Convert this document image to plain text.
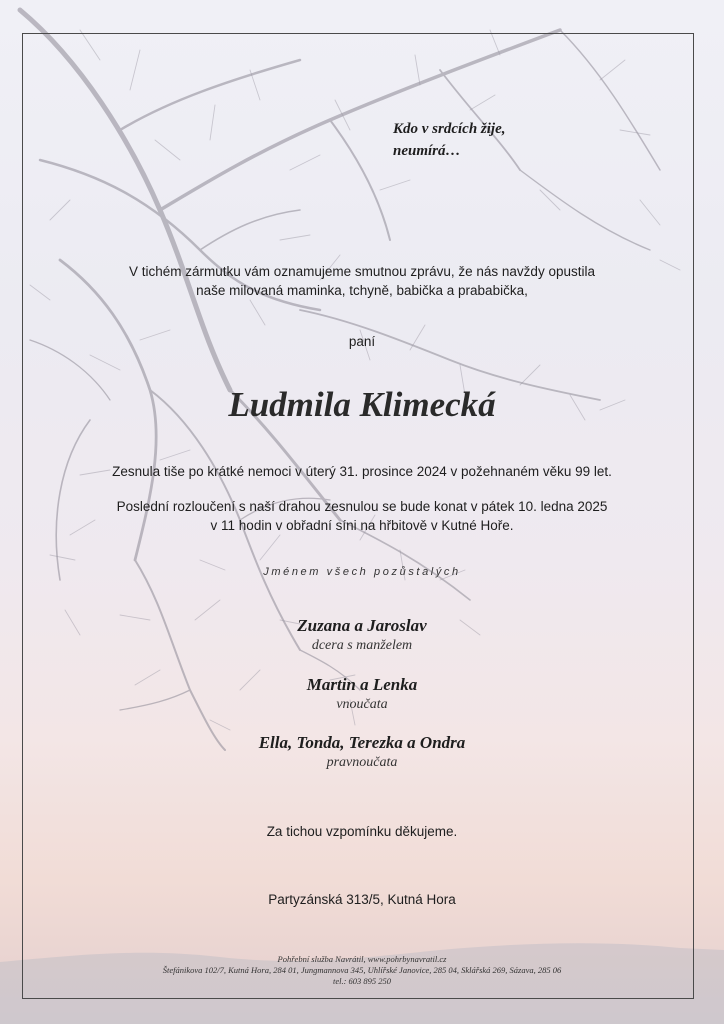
Kdo v srdcích žije,
neumírá…
V tichém zármutku vám oznamujeme smutnou zprávu, že nás navždy opustila
naše milovaná maminka, tchyně, babička a prababička,
paní
Ludmila Klimecká
Zesnula tiše po krátké nemoci v úterý 31. prosince 2024 v požehnaném věku 99 let.
Poslední rozloučení s naší drahou zesnulou se bude konat v pátek 10. ledna 2025
v 11 hodin v obřadní síni na hřbitově v Kutné Hoře.
Jménem všech pozůstalých
Zuzana a Jaroslav
dcera s manželem
Martin a Lenka
vnoučata
Ella, Tonda, Terezka a Ondra
pravnoučata
Za tichou vzpomínku děkujeme.
Partyzánská 313/5, Kutná Hora
Pohřební služba Navrátil, www.pohrbynavratil.cz
Štefánikova 102/7, Kutná Hora, 284 01, Jungmannova 345, Uhlířské Janovice, 285 04, Sklářská 269, Sázava, 285 06
tel.: 603 895 250
